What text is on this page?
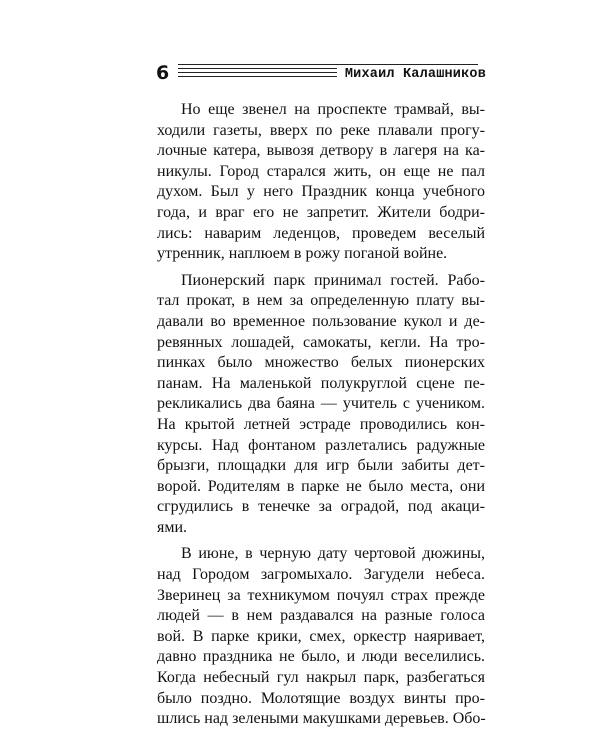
6	Михаил Калашников
Но еще звенел на проспекте трамвай, вы-
ходили газеты, вверх по реке плавали прогу-
лочные катера, вывозя детвору в лагеря на ка-
никулы. Город старался жить, он еще не пал
духом. Был у него Праздник конца учебного
года, и враг его не запретит. Жители бодри-
лись: наварим леденцов, проведем веселый
утренник, наплюем в рожу поганой войне.
Пионерский парк принимал гостей. Рабо-
тал прокат, в нем за определенную плату вы-
давали во временное пользование кукол и де-
ревянных лошадей, самокаты, кегли. На тро-
пинках было множество белых пионерских
панам. На маленькой полукруглой сцене пе-
рекликались два баяна — учитель с учеником.
На крытой летней эстраде проводились кон-
курсы. Над фонтаном разлетались радужные
брызги, площадки для игр были забиты дет-
ворой. Родителям в парке не было места, они
сгрудились в тенечке за оградой, под акаци-
ями.
В июне, в черную дату чертовой дюжины,
над Городом загромыхало. Загудели небеса.
Зверинец за техникумом почуял страх прежде
людей — в нем раздавался на разные голоса
вой. В парке крики, смех, оркестр наяривает,
давно праздника не было, и люди веселились.
Когда небесный гул накрыл парк, разбегаться
было поздно. Молотящие воздух винты про-
шлись над зелеными макушками деревьев. Обо-
